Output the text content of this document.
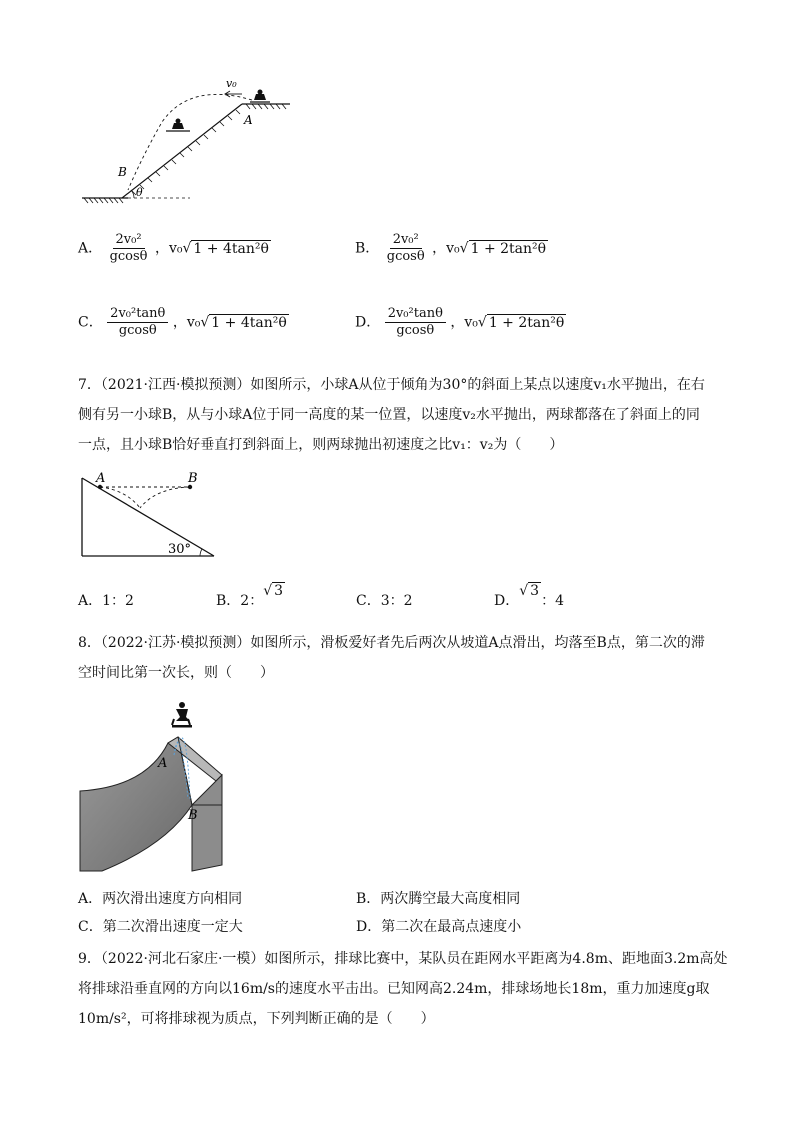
v₀
A
B
θ
A． $\frac{\text{2v₀²}}{gcos\theta}$ ，v₀√ 1 + 4tan²θ	B． $\frac{\text{2v₀²}}{gcos\theta}$ ，v₀√ 1 + 2tan²θ
C． $\frac{\text{2v₀²tanθ}}{gcos\theta}$ ，v₀√ 1 + 4tan²θ	D． $\frac{\text{2v₀²tanθ}}{gcos\theta}$ ，v₀√ 1 + 2tan²θ
7．（2021·江西·模拟预测）如图所示，小球A从位于倾角为30°的斜面上某点以速度v₁水平抛出，在右
侧有另一小球B，从与小球A位于同一高度的某一位置，以速度v₂水平抛出，两球都落在了斜面上的同
一点，且小球B恰好垂直打到斜面上，则两球抛出初速度之比v₁：v₂为（　　）
A	B
30°
A．1：2	B．2：√ 3
C．3：2	D．√ 3：4
8．（2022·江苏·模拟预测）如图所示，滑板爱好者先后两次从坡道A点滑出，均落至B点，第二次的滞
空时间比第一次长，则（　　）
A
B
A．两次滑出速度方向相同	B．两次腾空最大高度相同
C．第二次滑出速度一定大	D．第二次在最高点速度小
9．（2022·河北石家庄·一模）如图所示，排球比赛中，某队员在距网水平距离为4.8m、距地面3.2m高处
将排球沿垂直网的方向以16m/s的速度水平击出。已知网高2.24m，排球场地长18m，重力加速度g取
10m/s²，可将排球视为质点，下列判断正确的是（　　）
